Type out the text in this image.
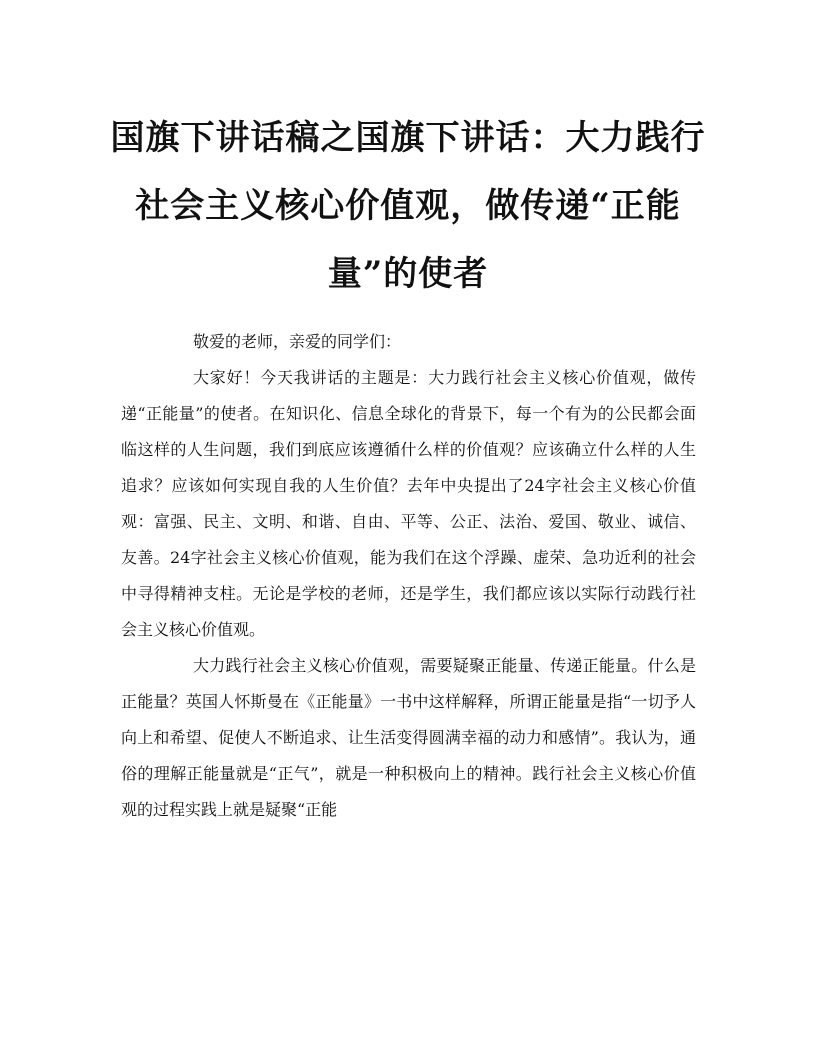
国旗下讲话稿之国旗下讲话：大力践行社会主义核心价值观，做传递“正能量”的使者

敬爱的老师，亲爱的同学们：

大家好！今天我讲话的主题是：大力践行社会主义核心价值观，做传递“正能量”的使者。在知识化、信息全球化的背景下，每一个有为的公民都会面临这样的人生问题，我们到底应该遵循什么样的价值观？应该确立什么样的人生追求？应该如何实现自我的人生价值？去年中央提出了24字社会主义核心价值观：富强、民主、文明、和谐、自由、平等、公正、法治、爱国、敬业、诚信、友善。24字社会主义核心价值观，能为我们在这个浮躁、虚荣、急功近利的社会中寻得精神支柱。无论是学校的老师，还是学生，我们都应该以实际行动践行社会主义核心价值观。

大力践行社会主义核心价值观，需要疑聚正能量、传递正能量。什么是正能量？英国人怀斯曼在《正能量》一书中这样解释，所谓正能量是指“一切予人向上和希望、促使人不断追求、让生活变得圆满幸福的动力和感情”。我认为，通俗的理解正能量就是“正气”，就是一种积极向上的精神。践行社会主义核心价值观的过程实践上就是疑聚“正能
